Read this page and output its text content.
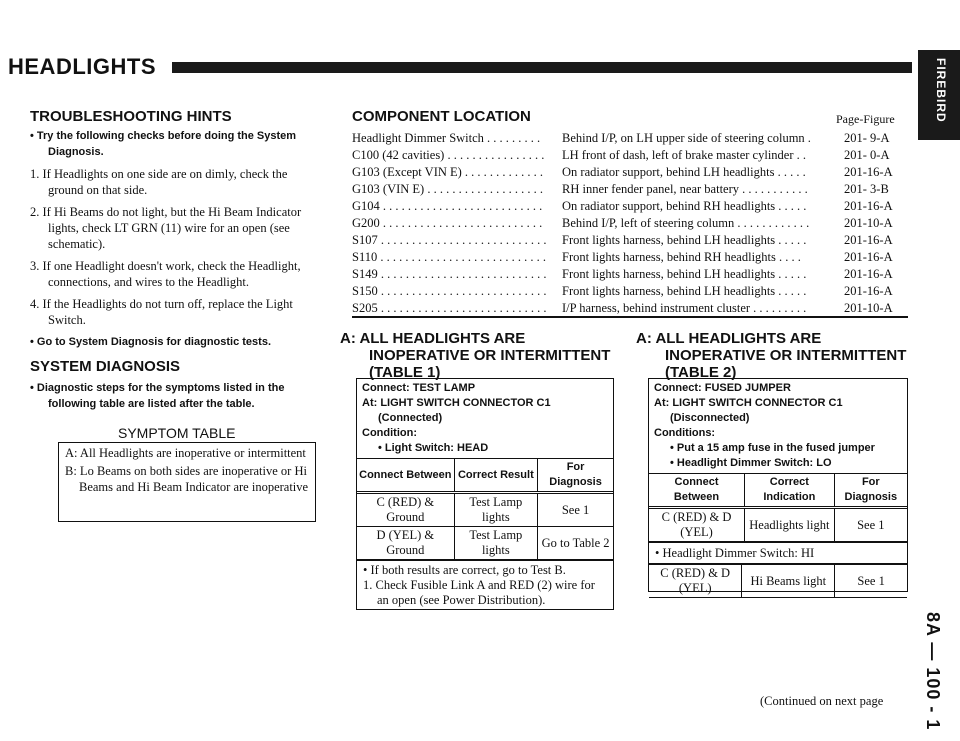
HEADLIGHTS	FIREBIRD
8A — 100 - 1
TROUBLESHOOTING HINTS

• Try the following checks before doing the System Diagnosis.

1. If Headlights on one side are on dimly, check the ground on that side.

2. If Hi Beams do not light, but the Hi Beam Indicator lights, check LT GRN (11) wire for an open (see schematic).

3. If one Headlight doesn't work, check the Headlight, connections, and wires to the Headlight.

4. If the Headlights do not turn off, replace the Light Switch.

• Go to System Diagnosis for diagnostic tests.

SYSTEM DIAGNOSIS
• Diagnostic steps for the symptoms listed in the following table are listed after the table.
SYMPTOM TABLE

A: All Headlights are inoperative or intermittent

B: Lo Beams on both sides are inoperative or Hi Beams and Hi Beam Indicator are inoperative

COMPONENT LOCATION	Page-Figure
Headlight Dimmer Switch . . . . . . . . .	Behind I/P, on LH upper side of steering column .	201- 9-A
C100 (42 cavities) . . . . . . . . . . . . . . . .	LH front of dash, left of brake master cylinder . .	201- 0-A
G103 (Except VIN E) . . . . . . . . . . . . .	On radiator support, behind LH headlights . . . . .	201-16-A
G103 (VIN E) . . . . . . . . . . . . . . . . . . .	RH inner fender panel, near battery . . . . . . . . . . .	201- 3-B
G104 . . . . . . . . . . . . . . . . . . . . . . . . . .	On radiator support, behind RH headlights . . . . .	201-16-A
G200 . . . . . . . . . . . . . . . . . . . . . . . . . .	Behind I/P, left of steering column . . . . . . . . . . . .	201-10-A
S107 . . . . . . . . . . . . . . . . . . . . . . . . . . .	Front lights harness, behind LH headlights . . . . .	201-16-A
S110 . . . . . . . . . . . . . . . . . . . . . . . . . . .	Front lights harness, behind RH headlights . . . .	201-16-A
S149 . . . . . . . . . . . . . . . . . . . . . . . . . . .	Front lights harness, behind LH headlights . . . . .	201-16-A
S150 . . . . . . . . . . . . . . . . . . . . . . . . . . .	Front lights harness, behind LH headlights . . . . .	201-16-A
S205 . . . . . . . . . . . . . . . . . . . . . . . . . . .	I/P harness, behind instrument cluster . . . . . . . . .	201-10-A
A: ALL HEADLIGHTS ARE
INOPERATIVE OR INTERMITTENT
(TABLE 1)
Connect: TEST LAMP
At: LIGHT SWITCH CONNECTOR C1
(Connected)
Condition:
• Light Switch: HEAD
Connect Between	Correct Result	For Diagnosis
C (RED) & Ground	Test Lamp lights	See 1
D (YEL) & Ground	Test Lamp lights	Go to Table 2

• If both results are correct, go to Test B.

1. Check Fusible Link A and RED (2) wire for an open (see Power Distribution).

A: ALL HEADLIGHTS ARE
INOPERATIVE OR INTERMITTENT
(TABLE 2)
Connect: FUSED JUMPER
At: LIGHT SWITCH CONNECTOR C1
(Disconnected)
Conditions:
• Put a 15 amp fuse in the fused jumper
• Headlight Dimmer Switch: LO
Connect Between	Correct Indication	For Diagnosis
C (RED) & D (YEL)	Headlights light	See 1
• Headlight Dimmer Switch: HI
C (RED) & D (YEL)	Hi Beams light	See 1
(Continued on next page
